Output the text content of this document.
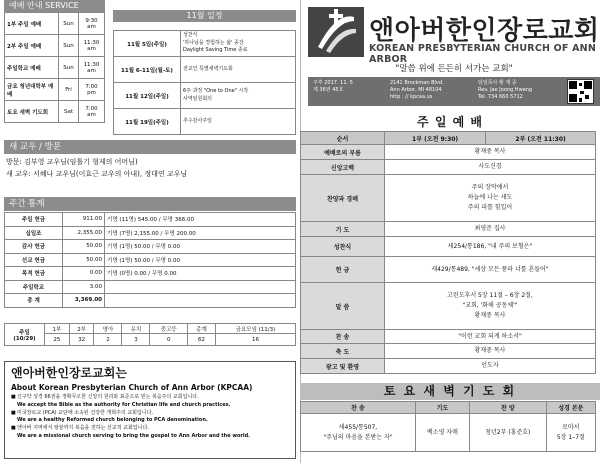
예배 안내 SERVICE
11월 일정
1부 주일 예배	Sun	9:30 am
2부 주일 예배	Sun	11:30 am
주일학교 예배	Sun	11:30 am
금요 청년대학부 예배	Fri	7:00 pm
토요 새벽 기도회	Sat	7:00 am
11월 5일(주일)	성찬식
'하나님을 경험하는 삶' 종강
Daylight Saving Time 종료
11월 6-11일(월-토)	전교인 특별새벽기도회
11월 12일(주일)	6주 과정 "One to One" 시작
사역임원회의
11월 19일(주일)	추수감사주일
새 교우 / 방문
방문: 김부영 교우님(임툴기 형제의 어머님)
새 교우: 서혜나 교우님(이효근 교우의 아내), 정대연 교우님
주간 통계
주일 헌금	911.00	기명 (11명) 545.00 / 무명 366.00
십일조	2,355.00	기명 (7명) 2,155.00 / 무명 200.00
감사 헌금	50.00	기명 (1명) 50.00 / 무명 0.00
선교 헌금	50.00	기명 (1명) 50.00 / 무명 0.00
목적 헌금	0.00	기명 (0명) 0.00 / 무명 0.00
주일학교	3.00	
총 계	3,369.00	
주일
(10/29)	1부	2부	영아	유치	중고등	총계	금요모임 (11/3)
	25	32	2	3	0	62	16
앤아버한인장로교회는
About Korean Presbyterian Church of Ann Arbor (KPCAA)
■신구약 성경 66권을 정확무오한 신앙의 원리와 표준으로 믿는 복음주의 교회입니다.
We accept the Bible as the authority for Christian life and church practices.
■미국장로교 (PCA) 교단에 소속된 건강한 개혁주의 교회입니다.
We are a healthy Reformed church belonging to PCA denomination.
■앤아버 지역에서 땅끝까지 복음을 전하는 선교적 교회입니다.
We are a missional church serving to bring the gospel to Ann Arbor and the world.
앤아버한인장로교회
KOREAN PRESBYTERIAN CHURCH OF ANN ARBOR
"말씀 위에 든든히 서가는 교회"
주후 2017. 11. 5
제 36권 45호
2141 Brockman Blvd.
Ann Arbor, MI 48104
http : // kpcaa.us
담임목사 황 재 중
Rev. Jae Joong Hwang
Tel. 734 660 5712
주 일 예 배
순서	1부 (오전 9:30)	2부 (오전 11:30)
예배로의 부름	황재중 목사	
신앙고백	사도신경	
찬양과 경배	주의 장막에서
하늘에 나는 새도
주의 피를 힘입어	
기 도	최영준 집사	
성찬식	새254/통186, "내 주의 보혈은"	
헌 금	새429/통489, "세상 모든 풍파 너를 흔들어"	
말 씀	고린도후서 5장 11절 – 6장 2절,
"교회, '화해 공동체'"
황재중 목사	
찬 송	"이런 교회 되게 하소서"	
축 도	황재중 목사	
광고 및 환영	인도자	
토 요 새 벽 기 도 회
찬 송	기도	찬 양	성경 본문
새455/통507,
"주님의 마음을 본받는 자"	백소영 자매	청년2부 (홍준호)	로마서
5장 1–7절
